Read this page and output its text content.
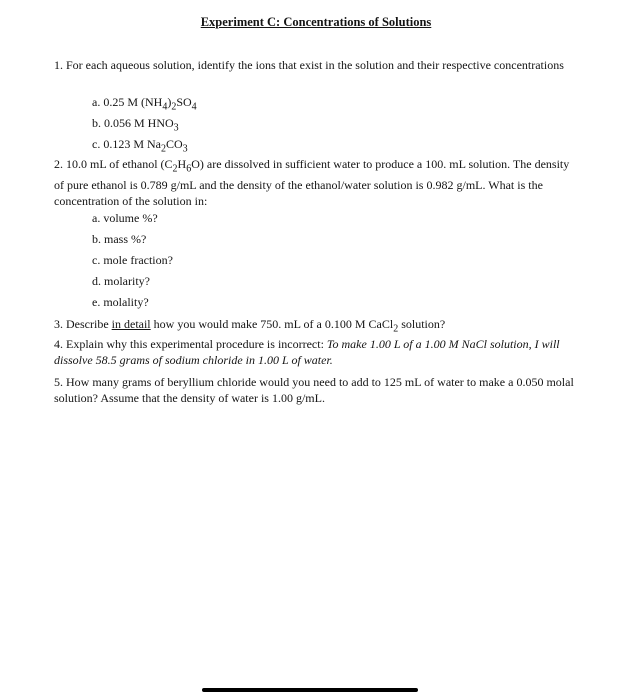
Experiment C: Concentrations of Solutions
1. For each aqueous solution, identify the ions that exist in the solution and their respective concentrations
a. 0.25 M $(NH_4)_2SO_4$
b. 0.056 M $HNO_3$
c. 0.123 M $Na_2CO_3$
2. 10.0 mL of ethanol $(C_2H_6O)$ are dissolved in sufficient water to produce a 100. mL solution. The density of pure ethanol is 0.789 g/mL and the density of the ethanol/water solution is 0.982 g/mL. What is the concentration of the solution in:
a. volume %?
b. mass %?
c. mole fraction?
d. molarity?
e. molality?
3. Describe in detail how you would make 750. mL of a 0.100 M CaCl$_2$ solution?
4. Explain why this experimental procedure is incorrect: To make 1.00 L of a 1.00 M NaCl solution, I will dissolve 58.5 grams of sodium chloride in 1.00 L of water.
5. How many grams of beryllium chloride would you need to add to 125 mL of water to make a 0.050 molal solution? Assume that the density of water is 1.00 g/mL.
